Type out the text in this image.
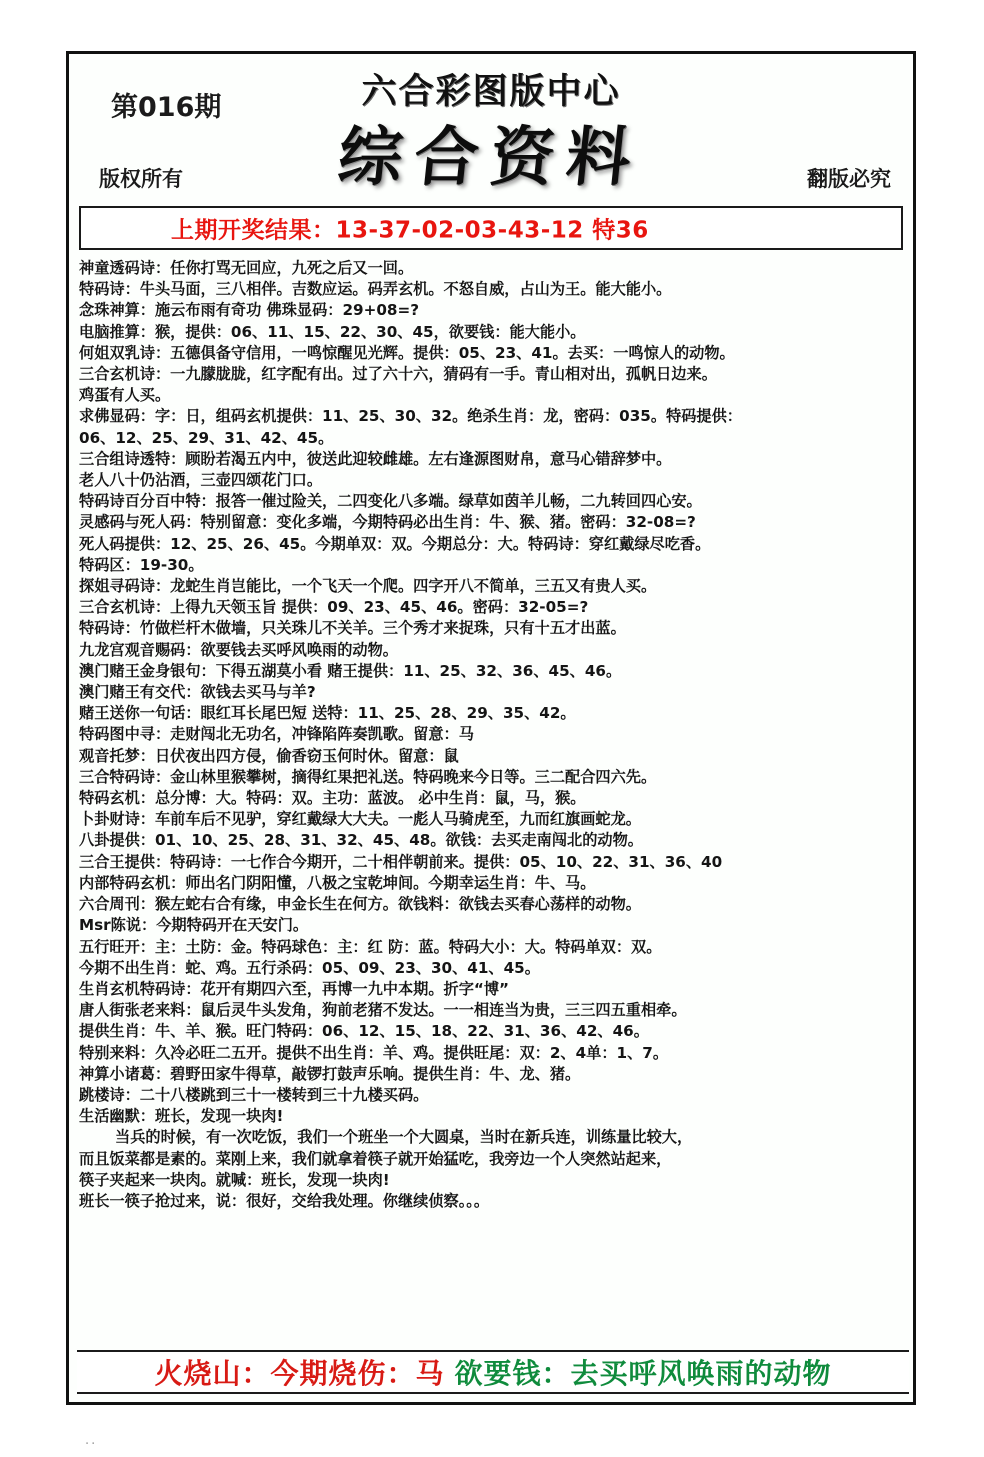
第016期	六合彩图版中心
综合资料
版权所有	翻版必究
上期开奖结果：13-37-02-03-43-12 特36
神童透码诗：任你打骂无回应，九死之后又一回。
特码诗：牛头马面，三八相伴。吉数应运。码弄玄机。不怒自威，占山为王。能大能小。
念珠神算：施云布雨有奇功 佛珠显码：29+08=?
电脑推算：猴，提供：06、11、15、22、30、45，欲要钱：能大能小。
何姐双乳诗：五德俱备守信用，一鸣惊醒见光辉。提供：05、23、41。去买：一鸣惊人的动物。
三合玄机诗：一九朦胧胧，红字配有出。过了六十六，猜码有一手。青山相对出，孤帆日边来。
鸡蛋有人买。
求佛显码：字：日，组码玄机提供：11、25、30、32。绝杀生肖：龙，密码：035。特码提供：
06、12、25、29、31、42、45。
三合组诗透特：顾盼若渴五内中，彼送此迎较雌雄。左右逢源图财帛，意马心错辞梦中。
老人八十仍沾酒，三壶四颂花门口。
特码诗百分百中特：报答一催过险关，二四变化八多端。绿草如茵羊儿畅，二九转回四心安。
灵感码与死人码：特别留意：变化多端，今期特码必出生肖：牛、猴、猪。密码：32-08=?
死人码提供：12、25、26、45。今期单双：双。今期总分：大。特码诗：穿红戴绿尽吃香。
特码区：19-30。
探姐寻码诗：龙蛇生肖岂能比，一个飞天一个爬。四字开八不简单，三五又有贵人买。
三合玄机诗：上得九天领玉旨 提供：09、23、45、46。密码：32-05=?
特码诗：竹做栏杆木做墙，只关珠儿不关羊。三个秀才来捉珠，只有十五才出蓝。
九龙宫观音赐码：欲要钱去买呼风唤雨的动物。
澳门赌王金身银句：下得五湖莫小看 赌王提供：11、25、32、36、45、46。
澳门赌王有交代：欲钱去买马与羊?
赌王送你一句话：眼红耳长尾巴短 送特：11、25、28、29、35、42。
特码图中寻：走财闯北无功名，冲锋陷阵奏凯歌。留意：马
观音托梦：日伏夜出四方侵，偷香窃玉何时休。留意：鼠
三合特码诗：金山林里猴攀树，摘得红果把礼送。特码晚来今日等。三二配合四六先。
特码玄机：总分博：大。特码：双。主功：蓝波。 必中生肖：鼠，马，猴。
卜卦财诗：车前车后不见驴，穿红戴绿大大夫。一彪人马骑虎至，九而红旗画蛇龙。
八卦提供：01、10、25、28、31、32、45、48。欲钱：去买走南闯北的动物。
三合王提供：特码诗：一七作合今期开，二十相伴朝前来。提供：05、10、22、31、36、40
内部特码玄机：师出名门阴阳懂，八极之宝乾坤间。今期幸运生肖：牛、马。
六合周刊：猴左蛇右合有缘，申金长生在何方。欲钱料：欲钱去买春心荡样的动物。
Msr陈说：今期特码开在天安门。
五行旺开：主：土防：金。特码球色：主：红 防：蓝。特码大小：大。特码单双：双。
今期不出生肖：蛇、鸡。五行杀码：05、09、23、30、41、45。
生肖玄机特码诗：花开有期四六至，再博一九中本期。折字“博”
唐人街张老来料：鼠后灵牛头发角，狗前老猪不发达。一一相连当为贵，三三四五重相牵。
提供生肖：牛、羊、猴。旺门特码：06、12、15、18、22、31、36、42、46。
特别来料：久冷必旺二五开。提供不出生肖：羊、鸡。提供旺尾：双：2、4单：1、7。
神算小诸葛：碧野田家牛得草，敲锣打鼓声乐响。提供生肖：牛、龙、猪。
跳楼诗：二十八楼跳到三十一楼转到三十九楼买码。
生活幽默：班长，发现一块肉!
当兵的时候，有一次吃饭，我们一个班坐一个大圆桌，当时在新兵连，训练量比较大，
而且饭菜都是素的。菜刚上来，我们就拿着筷子就开始猛吃，我旁边一个人突然站起来，
筷子夹起来一块肉。就喊：班长，发现一块肉!
班长一筷子抢过来，说：很好，交给我处理。你继续侦察。。。
火烧山：今期烧伤：马 欲要钱：去买呼风唤雨的动物
..
